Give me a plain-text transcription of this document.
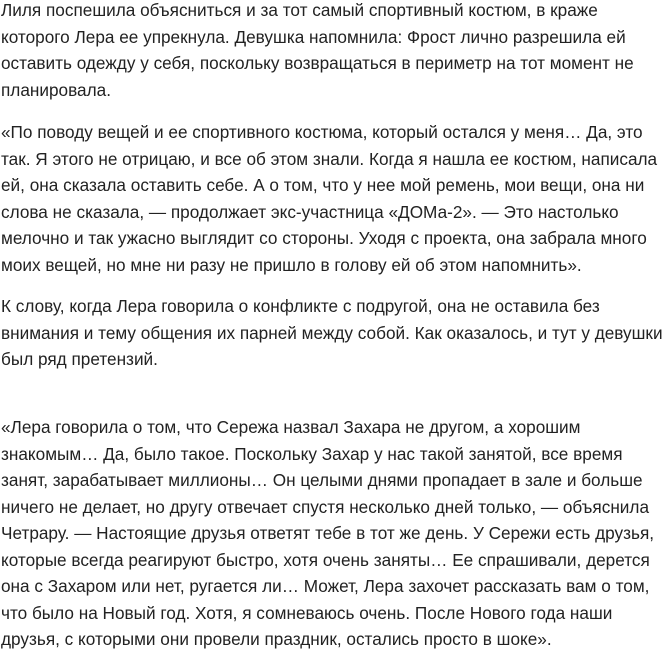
Лиля поспешила объясниться и за тот самый спортивный костюм, в краже
которого Лера ее упрекнула. Девушка напомнила: Фрост лично разрешила ей
оставить одежду у себя, поскольку возвращаться в периметр на тот момент не
планировала.

«По поводу вещей и ее спортивного костюма, который остался у меня… Да, это
так. Я этого не отрицаю, и все об этом знали. Когда я нашла ее костюм, написала
ей, она сказала оставить себе. А о том, что у нее мой ремень, мои вещи, она ни
слова не сказала, — продолжает экс-участница «ДОМа-2». — Это настолько
мелочно и так ужасно выглядит со стороны. Уходя с проекта, она забрала много
моих вещей, но мне ни разу не пришло в голову ей об этом напомнить».

К слову, когда Лера говорила о конфликте с подругой, она не оставила без
внимания и тему общения их парней между собой. Как оказалось, и тут у девушки
был ряд претензий.

«Лера говорила о том, что Сережа назвал Захара не другом, а хорошим
знакомым… Да, было такое. Поскольку Захар у нас такой занятой, все время
занят, зарабатывает миллионы… Он целыми днями пропадает в зале и больше
ничего не делает, но другу отвечает спустя несколько дней только, — объяснила
Четрару. — Настоящие друзья ответят тебе в тот же день. У Сережи есть друзья,
которые всегда реагируют быстро, хотя очень заняты… Ее спрашивали, дерется
она с Захаром или нет, ругается ли… Может, Лера захочет рассказать вам о том,
что было на Новый год. Хотя, я сомневаюсь очень. После Нового года наши
друзья, с которыми они провели праздник, остались просто в шоке».
